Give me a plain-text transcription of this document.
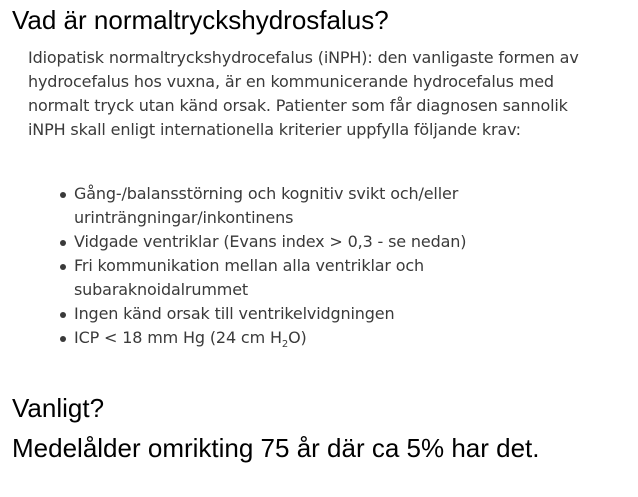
Vad är normaltryckshydrosfalus?

Idiopatisk normaltryckshydrocefalus (iNPH): den vanligaste formen av hydrocefalus hos vuxna, är en kommunicerande hydrocefalus med normalt tryck utan känd orsak. Patienter som får diagnosen sannolik iNPH skall enligt internationella kriterier uppfylla följande krav:

Gång-/balansstörning och kognitiv svikt och/eller urinträngningar/inkontinens
Vidgade ventriklar (Evans index > 0,3 - se nedan)
Fri kommunikation mellan alla ventriklar och subaraknoidalrummet
Ingen känd orsak till ventrikelvidgningen
ICP < 18 mm Hg (24 cm $H_2O$)
Vanligt?

Medelålder omrikting 75 år där ca 5% har det.
